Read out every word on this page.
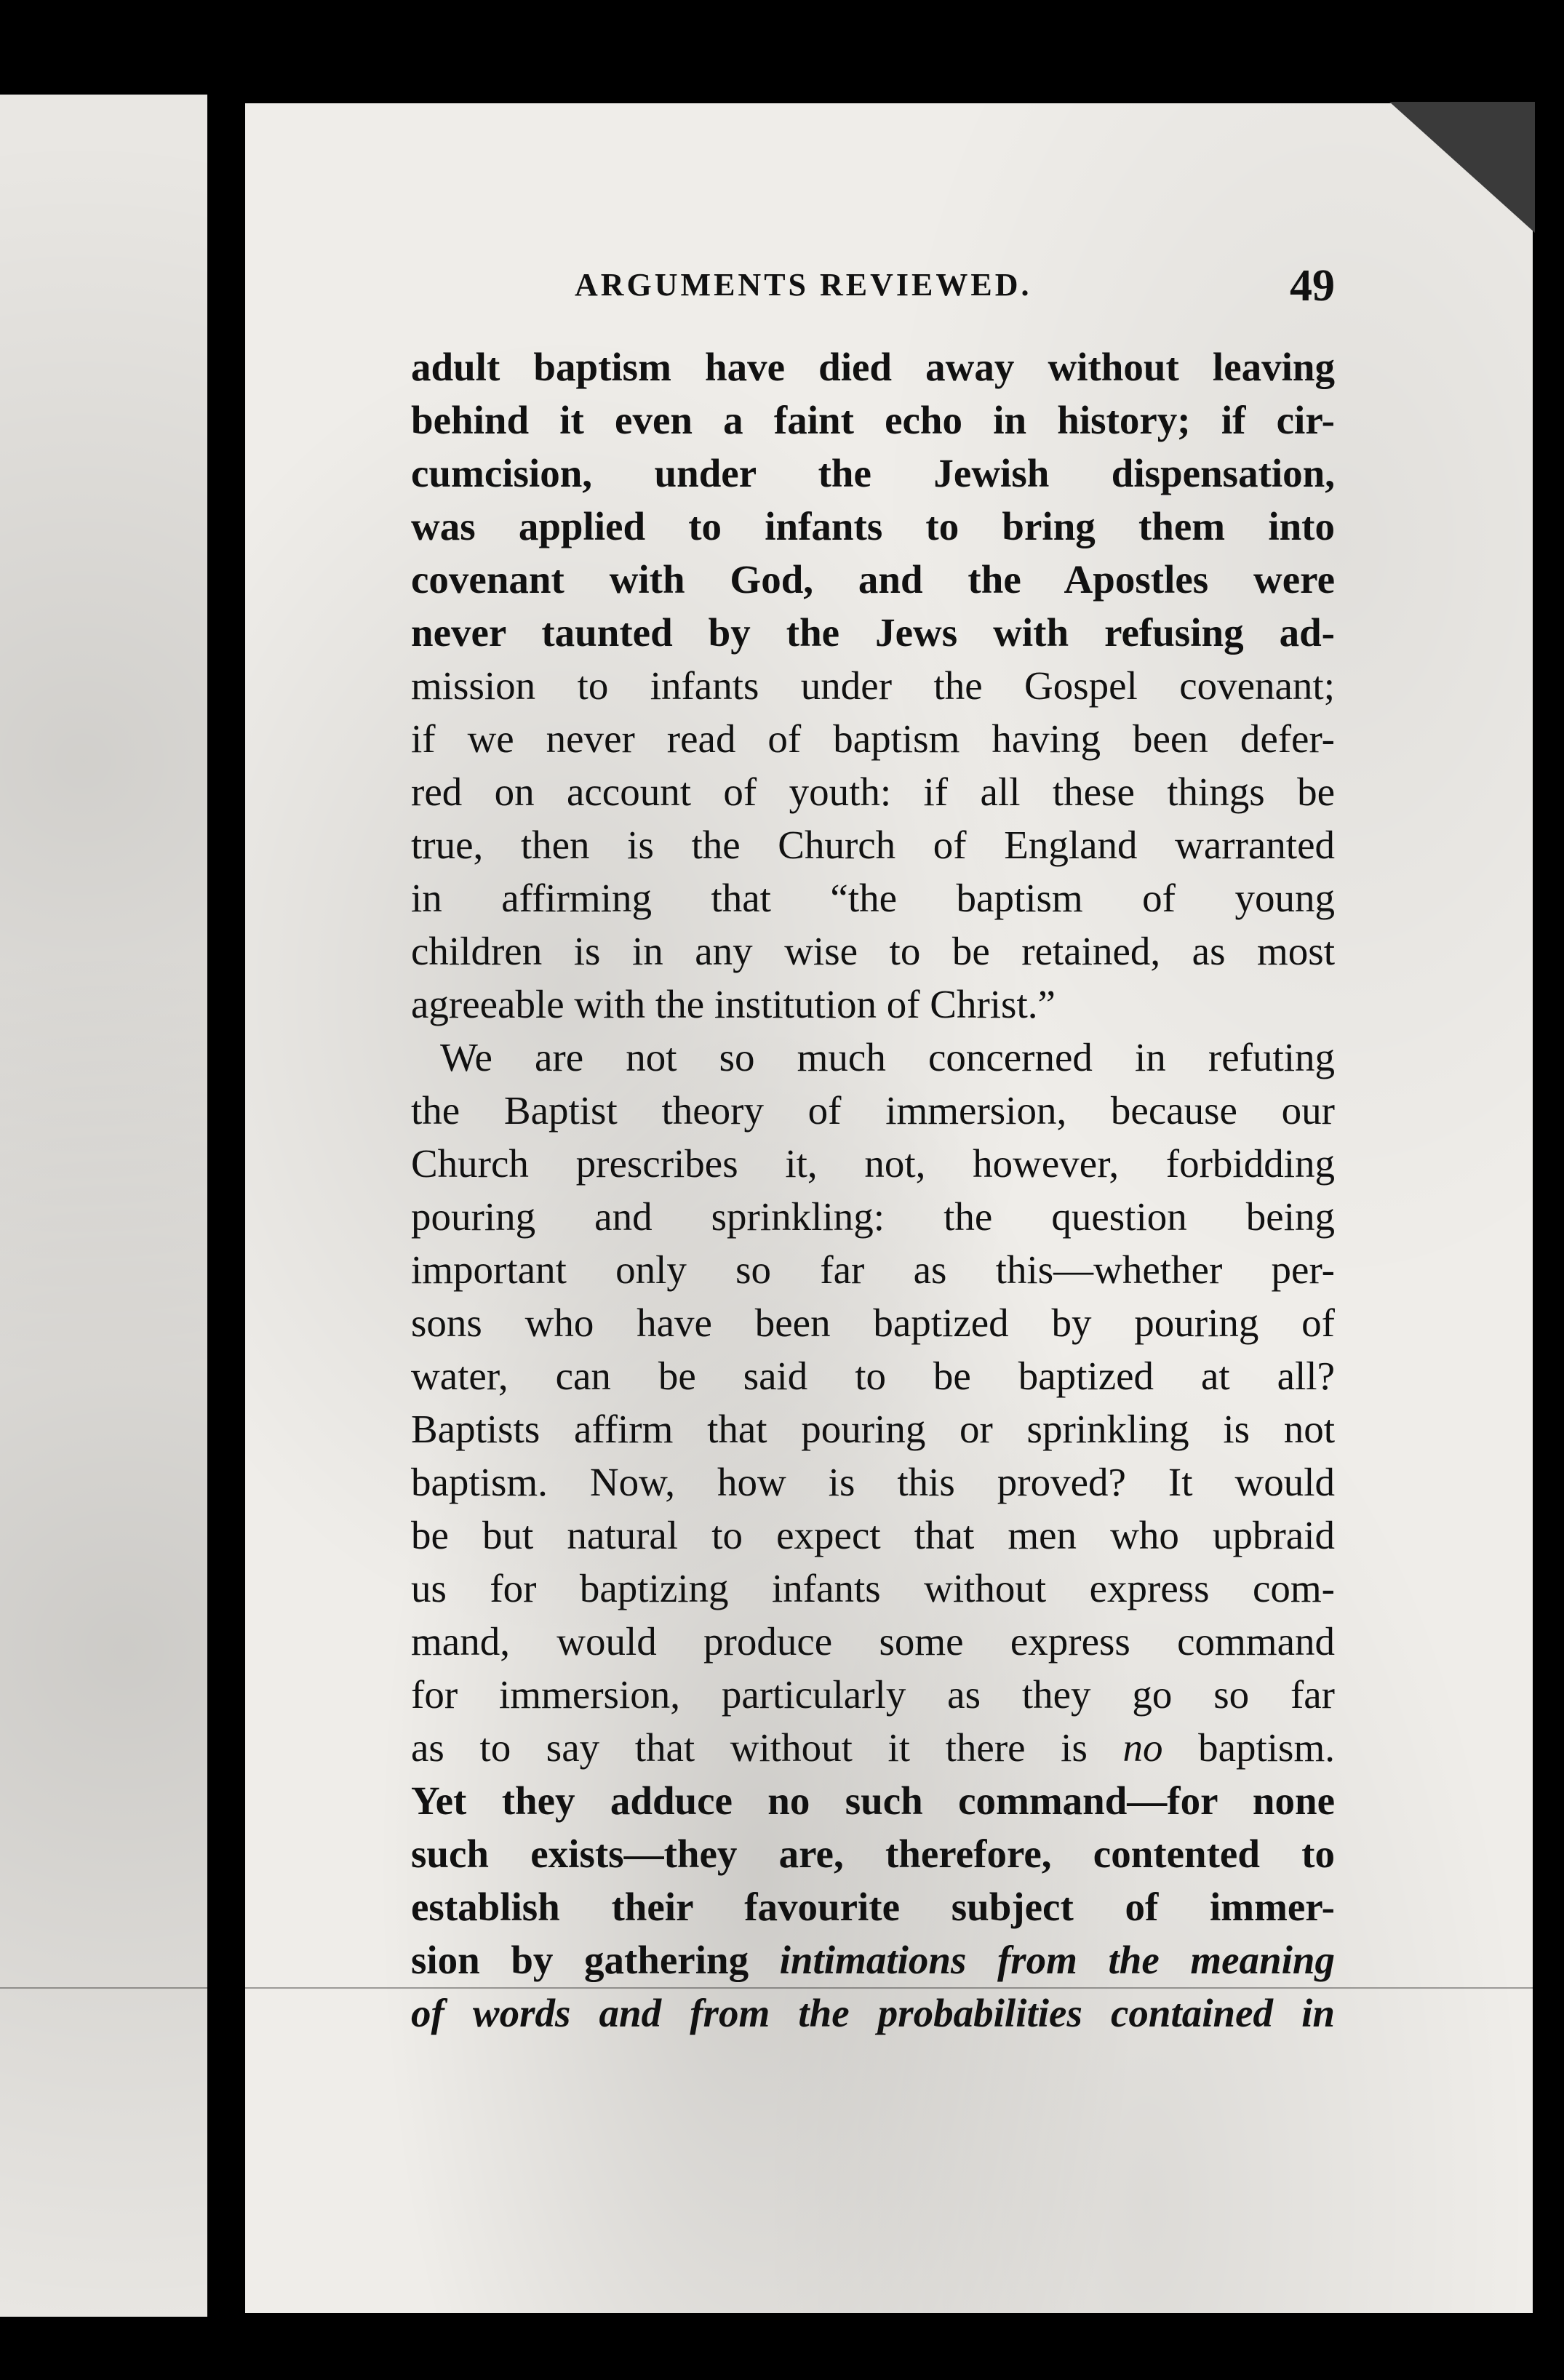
ARGUMENTS REVIEWED.	49
adult baptism have died away without leaving
behind it even a faint echo in history; if cir-
cumcision, under the Jewish dispensation,
was applied to infants to bring them into
covenant with God, and the Apostles were
never taunted by the Jews with refusing ad-
mission to infants under the Gospel covenant;
if we never read of baptism having been defer-
red on account of youth: if all these things be
true, then is the Church of England warranted
in affirming that “the baptism of young
children is in any wise to be retained, as most
agreeable with the institution of Christ.”
We are not so much concerned in refuting
the Baptist theory of immersion, because our
Church prescribes it, not, however, forbidding
pouring and sprinkling: the question being
important only so far as this—whether per-
sons who have been baptized by pouring of
water, can be said to be baptized at all?
Baptists affirm that pouring or sprinkling is not
baptism. Now, how is this proved? It would
be but natural to expect that men who upbraid
us for baptizing infants without express com-
mand, would produce some express command
for immersion, particularly as they go so far
as to say that without it there is no baptism.
Yet they adduce no such command—for none
such exists—they are, therefore, contented to
establish their favourite subject of immer-
sion by gathering intimations from the meaning
of words and from the probabilities contained in
